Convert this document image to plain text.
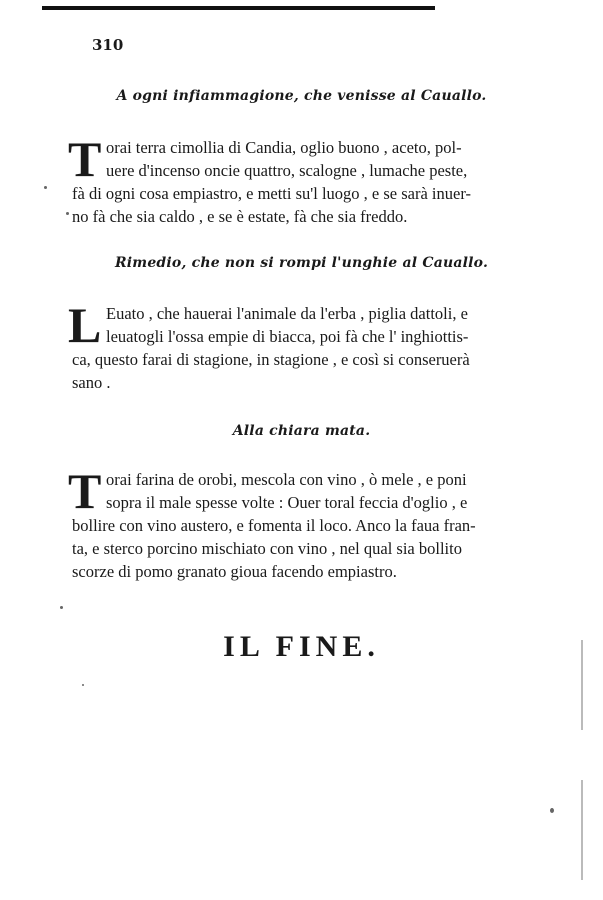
310
A ogni infiammagione, che venisse al Cauallo.
T orai terra cimollia di Candia, oglio buono , aceto, pol-
uere d'incenso oncie quattro, scalogne , lumache peste,
fà di ogni cosa empiastro, e metti su'l luogo , e se sarà inuer-
no fà che sia caldo , e se è estate, fà che sia freddo.
Rimedio, che non si rompi l'unghie al Cauallo.
L Euato , che hauerai l'animale da l'erba , piglia dattoli, e
leuatogli l'ossa empie di biacca, poi fà che l' inghiottis-
ca, questo farai di stagione, in stagione , e così si conseruerà
sano .
Alla chiara mata.
T orai farina de orobi, mescola con vino , ò mele , e poni
sopra il male spesse volte : Ouer toral feccia d'oglio , e
bollire con vino austero, e fomenta il loco. Anco la faua fran-
ta, e sterco porcino mischiato con vino , nel qual sia bollito
scorze di pomo granato gioua facendo empiastro.
IL FINE.
